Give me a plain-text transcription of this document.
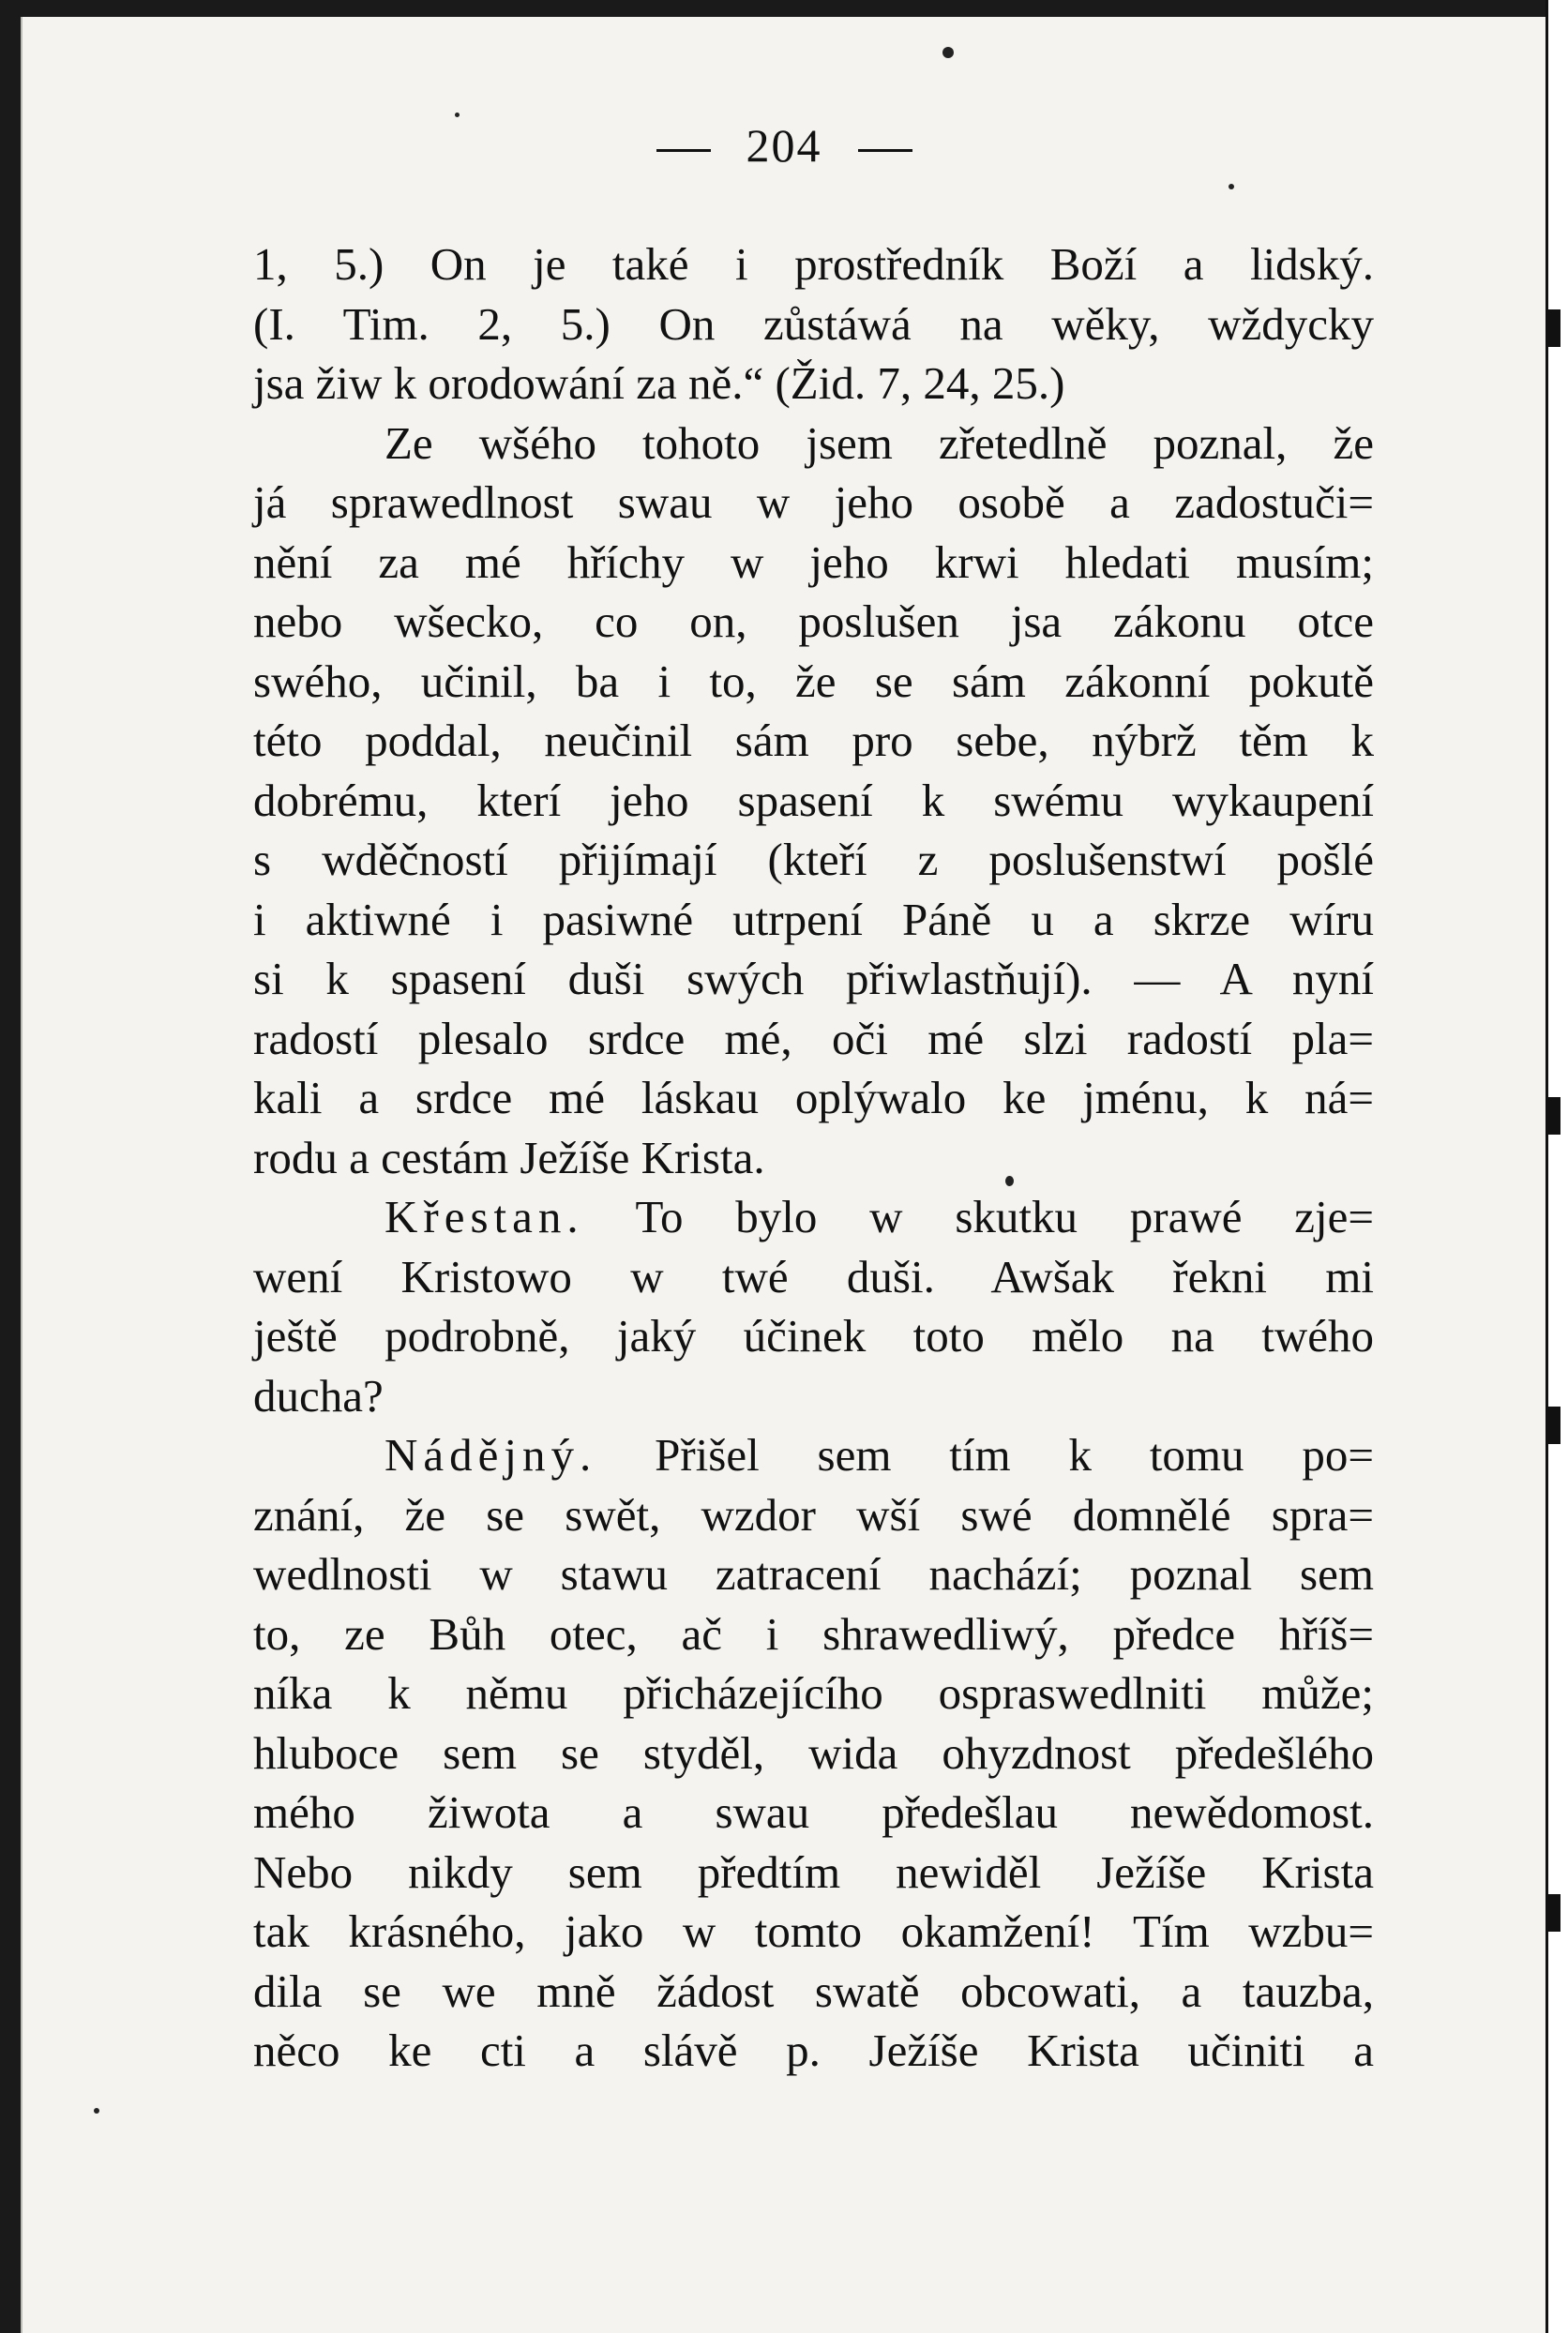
204
1, 5.) On je také i prostředník Boží a lidský.
(I. Tim. 2, 5.) On zůstáwá na wěky, wždycky
jsa žiw k orodowání za ně.“ (Žid. 7, 24, 25.)
Ze wšého tohoto jsem zřetedlně poznal, že
já sprawedlnost swau w jeho osobě a zadostuči=
nění za mé hříchy w jeho krwi hledati musím;
nebo wšecko, co on, poslušen jsa zákonu otce
swého, učinil, ba i to, že se sám zákonní pokutě
této poddal, neučinil sám pro sebe, nýbrž těm k
dobrému, kterí jeho spasení k swému wykaupení
s wděčností přijímají (kteří z poslušenstwí pošlé
i aktiwné i pasiwné utrpení Páně u a skrze wíru
si k spasení duši swých přiwlastňují). — A nyní
radostí plesalo srdce mé, oči mé slzi radostí pla=
kali a srdce mé láskau oplýwalo ke jménu, k ná=
rodu a cestám Ježíše Krista.
Křestan. To bylo w skutku prawé zje=
wení Kristowo w twé duši. Awšak řekni mi
ještě podrobně, jaký účinek toto mělo na twého
ducha?
Nádějný. Přišel sem tím k tomu po=
znání, že se swět, wzdor wší swé domnělé spra=
wedlnosti w stawu zatracení nachází; poznal sem
to, ze Bůh otec, ač i shrawedliwý, předce hříš=
níka k němu přicházejícího ospraswedlniti může;
hluboce sem se styděl, wida ohyzdnost předešlého
mého žiwota a swau předešlau newědomost.
Nebo nikdy sem předtím newiděl Ježíše Krista
tak krásného, jako w tomto okamžení! Tím wzbu=
dila se we mně žádost swatě obcowati, a tauzba,
něco ke cti a slávě p. Ježíše Krista učiniti a
